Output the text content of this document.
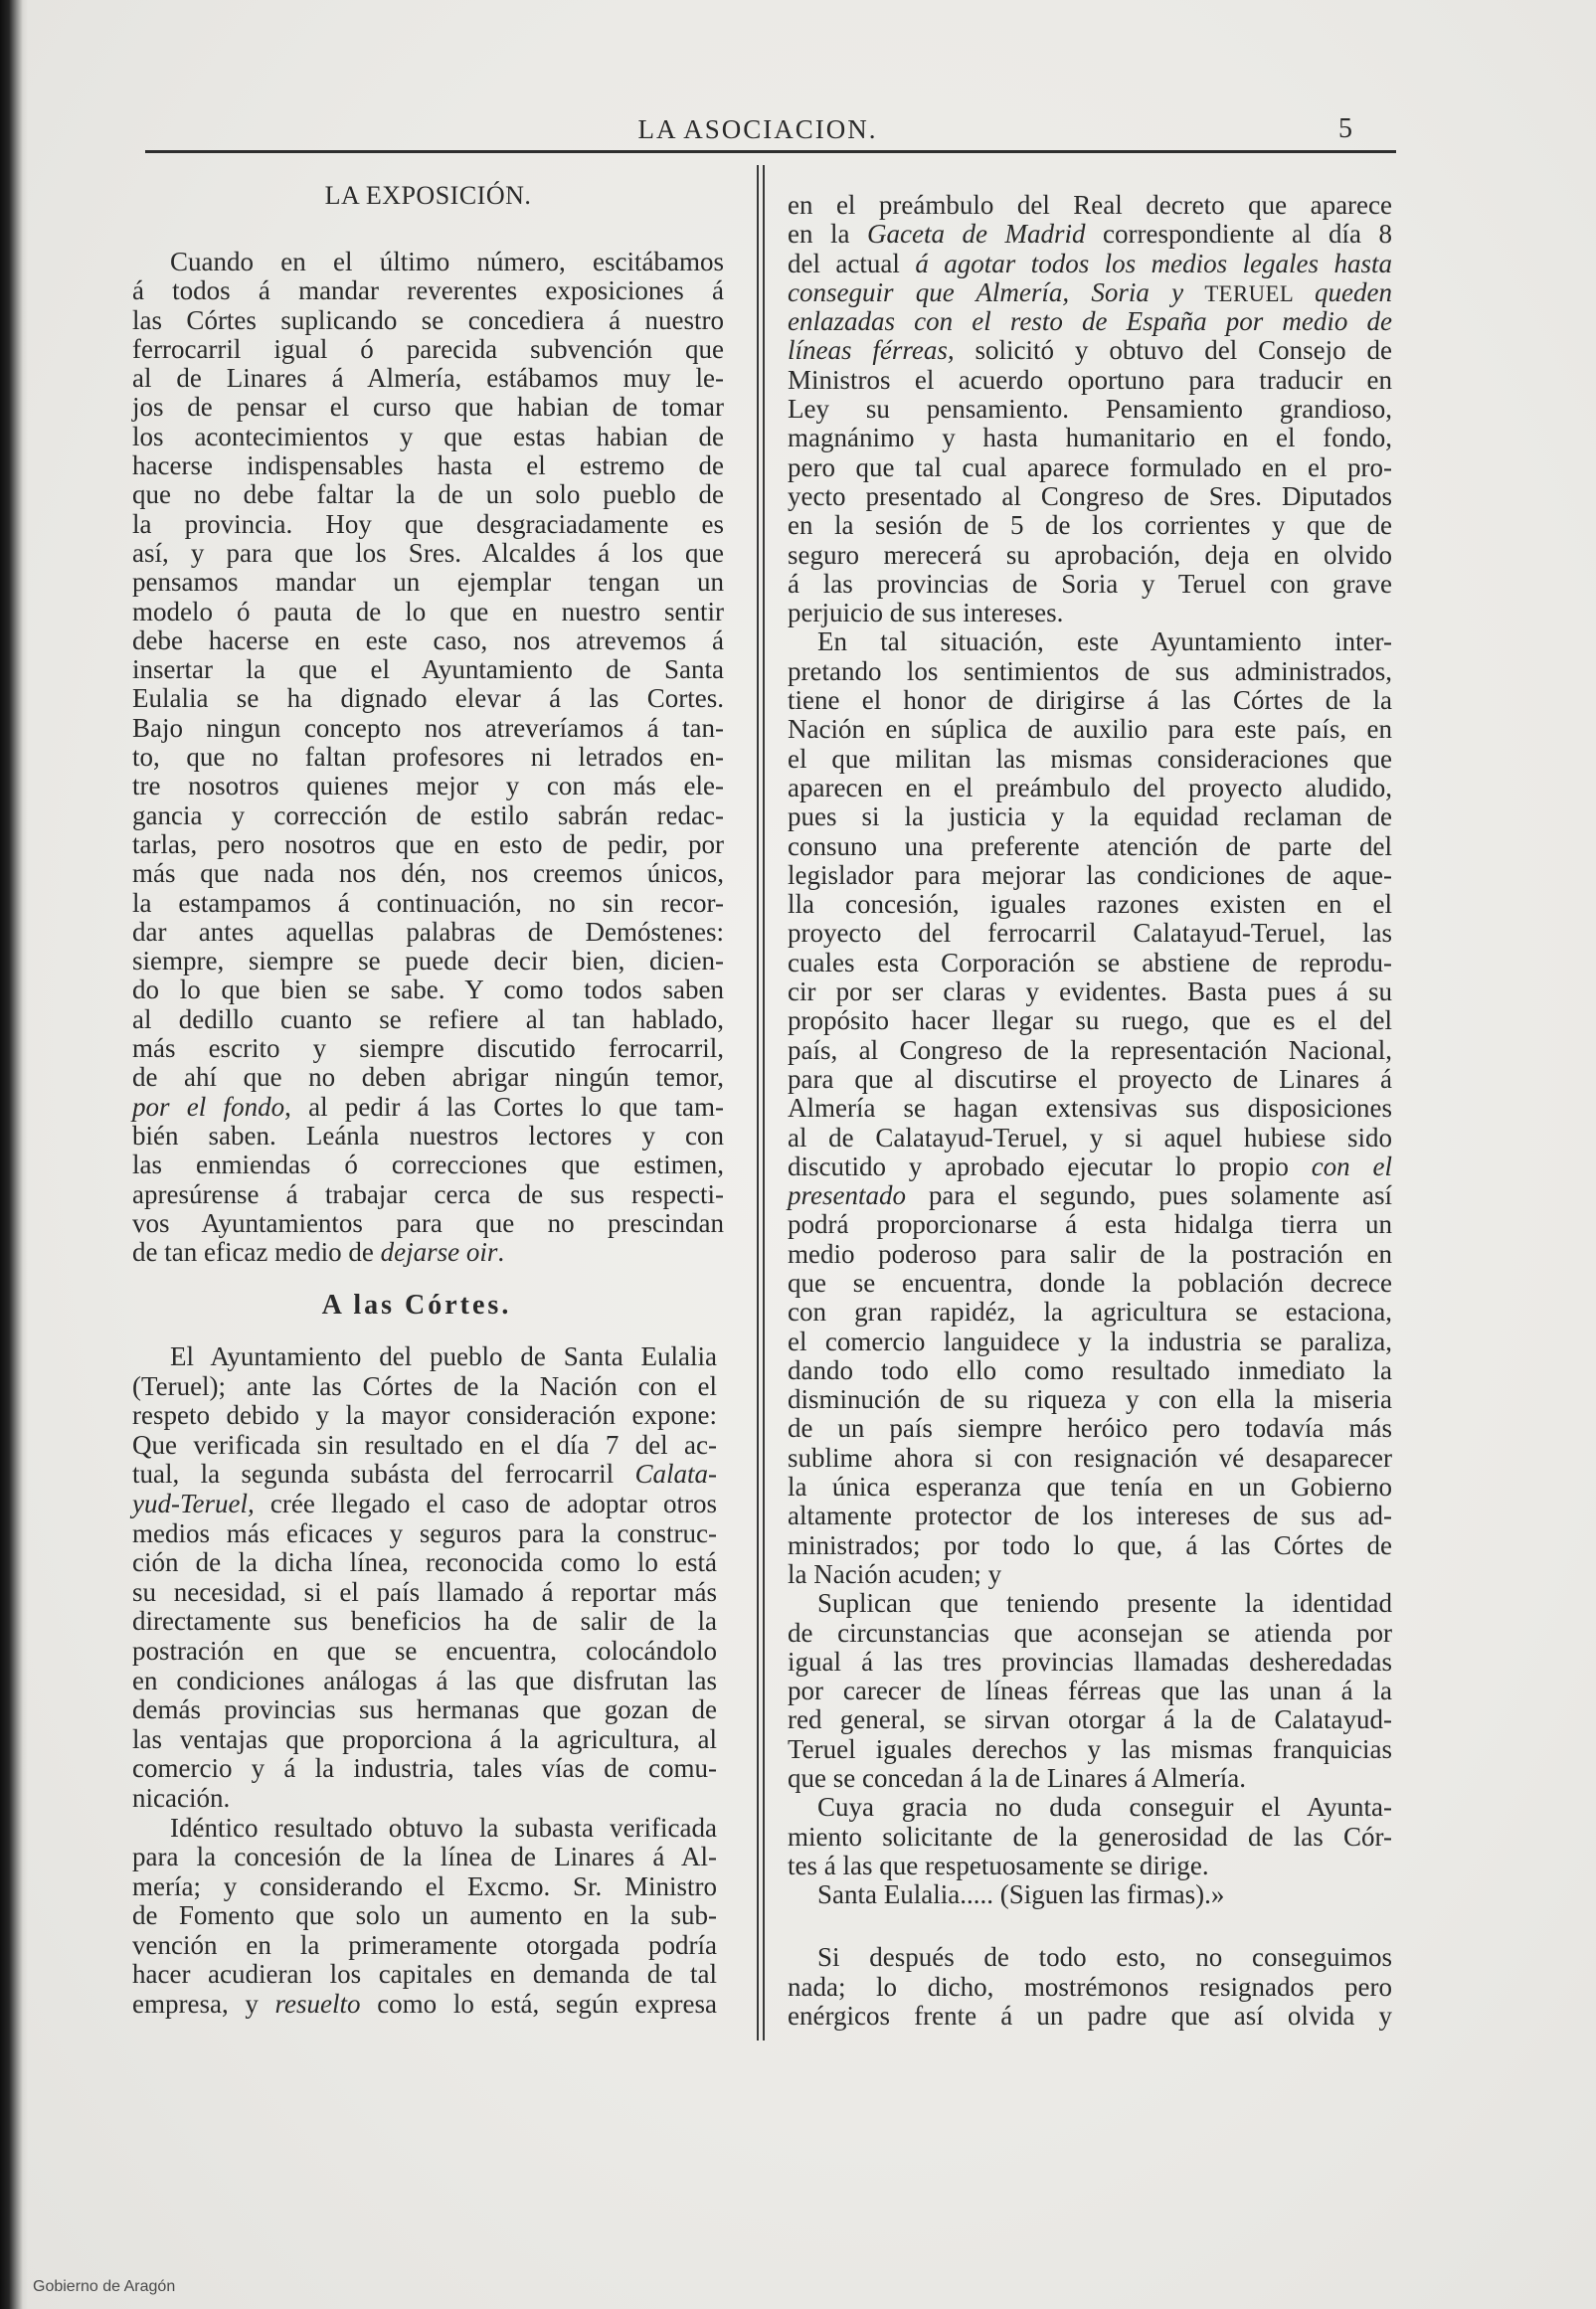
LA ASOCIACION.	5
LA EXPOSICIÓN.
Cuando en el último número, escitábamos
á todos á mandar reverentes exposiciones á
las Córtes suplicando se concediera á nuestro
ferrocarril igual ó parecida subvención que
al de Linares á Almería, estábamos muy le-
jos de pensar el curso que habian de tomar
los acontecimientos y que estas habian de
hacerse indispensables hasta el estremo de
que no debe faltar la de un solo pueblo de
la provincia. Hoy que desgraciadamente es
así, y para que los Sres. Alcaldes á los que
pensamos mandar un ejemplar tengan un
modelo ó pauta de lo que en nuestro sentir
debe hacerse en este caso, nos atrevemos á
insertar la que el Ayuntamiento de Santa
Eulalia se ha dignado elevar á las Cortes.
Bajo ningun concepto nos atreveríamos á tan-
to, que no faltan profesores ni letrados en-
tre nosotros quienes mejor y con más ele-
gancia y corrección de estilo sabrán redac-
tarlas, pero nosotros que en esto de pedir, por
más que nada nos dén, nos creemos únicos,
la estampamos á continuación, no sin recor-
dar antes aquellas palabras de Demóstenes:
siempre, siempre se puede decir bien, dicien-
do lo que bien se sabe. Y como todos saben
al dedillo cuanto se refiere al tan hablado,
más escrito y siempre discutido ferrocarril,
de ahí que no deben abrigar ningún temor,
por el fondo, al pedir á las Cortes lo que tam-
bién saben. Leánla nuestros lectores y con
las enmiendas ó correcciones que estimen,
apresúrense á trabajar cerca de sus respecti-
vos Ayuntamientos para que no prescindan
de tan eficaz medio de dejarse oir.
A las Córtes.
El Ayuntamiento del pueblo de Santa Eulalia
(Teruel); ante las Córtes de la Nación con el
respeto debido y la mayor consideración expone:
Que verificada sin resultado en el día 7 del ac-
tual, la segunda subásta del ferrocarril Calata-
yud-Teruel, crée llegado el caso de adoptar otros
medios más eficaces y seguros para la construc-
ción de la dicha línea, reconocida como lo está
su necesidad, si el país llamado á reportar más
directamente sus beneficios ha de salir de la
postración en que se encuentra, colocándolo
en condiciones análogas á las que disfrutan las
demás provincias sus hermanas que gozan de
las ventajas que proporciona á la agricultura, al
comercio y á la industria, tales vías de comu-
nicación.
Idéntico resultado obtuvo la subasta verificada
para la concesión de la línea de Linares á Al-
mería; y considerando el Excmo. Sr. Ministro
de Fomento que solo un aumento en la sub-
vención en la primeramente otorgada podría
hacer acudieran los capitales en demanda de tal
empresa, y resuelto como lo está, según expresa
en el preámbulo del Real decreto que aparece
en la Gaceta de Madrid correspondiente al día 8
del actual á agotar todos los medios legales hasta
conseguir que Almería, Soria y TERUEL queden
enlazadas con el resto de España por medio de
líneas férreas, solicitó y obtuvo del Consejo de
Ministros el acuerdo oportuno para traducir en
Ley su pensamiento. Pensamiento grandioso,
magnánimo y hasta humanitario en el fondo,
pero que tal cual aparece formulado en el pro-
yecto presentado al Congreso de Sres. Diputados
en la sesión de 5 de los corrientes y que de
seguro merecerá su aprobación, deja en olvido
á las provincias de Soria y Teruel con grave
perjuicio de sus intereses.
En tal situación, este Ayuntamiento inter-
pretando los sentimientos de sus administrados,
tiene el honor de dirigirse á las Córtes de la
Nación en súplica de auxilio para este país, en
el que militan las mismas consideraciones que
aparecen en el preámbulo del proyecto aludido,
pues si la justicia y la equidad reclaman de
consuno una preferente atención de parte del
legislador para mejorar las condiciones de aque-
lla concesión, iguales razones existen en el
proyecto del ferrocarril Calatayud-Teruel, las
cuales esta Corporación se abstiene de reprodu-
cir por ser claras y evidentes. Basta pues á su
propósito hacer llegar su ruego, que es el del
país, al Congreso de la representación Nacional,
para que al discutirse el proyecto de Linares á
Almería se hagan extensivas sus disposiciones
al de Calatayud-Teruel, y si aquel hubiese sido
discutido y aprobado ejecutar lo propio con el
presentado para el segundo, pues solamente así
podrá proporcionarse á esta hidalga tierra un
medio poderoso para salir de la postración en
que se encuentra, donde la población decrece
con gran rapidéz, la agricultura se estaciona,
el comercio languidece y la industria se paraliza,
dando todo ello como resultado inmediato la
disminución de su riqueza y con ella la miseria
de un país siempre heróico pero todavía más
sublime ahora si con resignación vé desaparecer
la única esperanza que tenía en un Gobierno
altamente protector de los intereses de sus ad-
ministrados; por todo lo que, á las Córtes de
la Nación acuden; y
Suplican que teniendo presente la identidad
de circunstancias que aconsejan se atienda por
igual á las tres provincias llamadas desheredadas
por carecer de líneas férreas que las unan á la
red general, se sirvan otorgar á la de Calatayud-
Teruel iguales derechos y las mismas franquicias
que se concedan á la de Linares á Almería.
Cuya gracia no duda conseguir el Ayunta-
miento solicitante de la generosidad de las Cór-
tes á las que respetuosamente se dirige.
Santa Eulalia..... (Siguen las firmas).»
Si después de todo esto, no conseguimos
nada; lo dicho, mostrémonos resignados pero
enérgicos frente á un padre que así olvida y
Gobierno de Aragón
